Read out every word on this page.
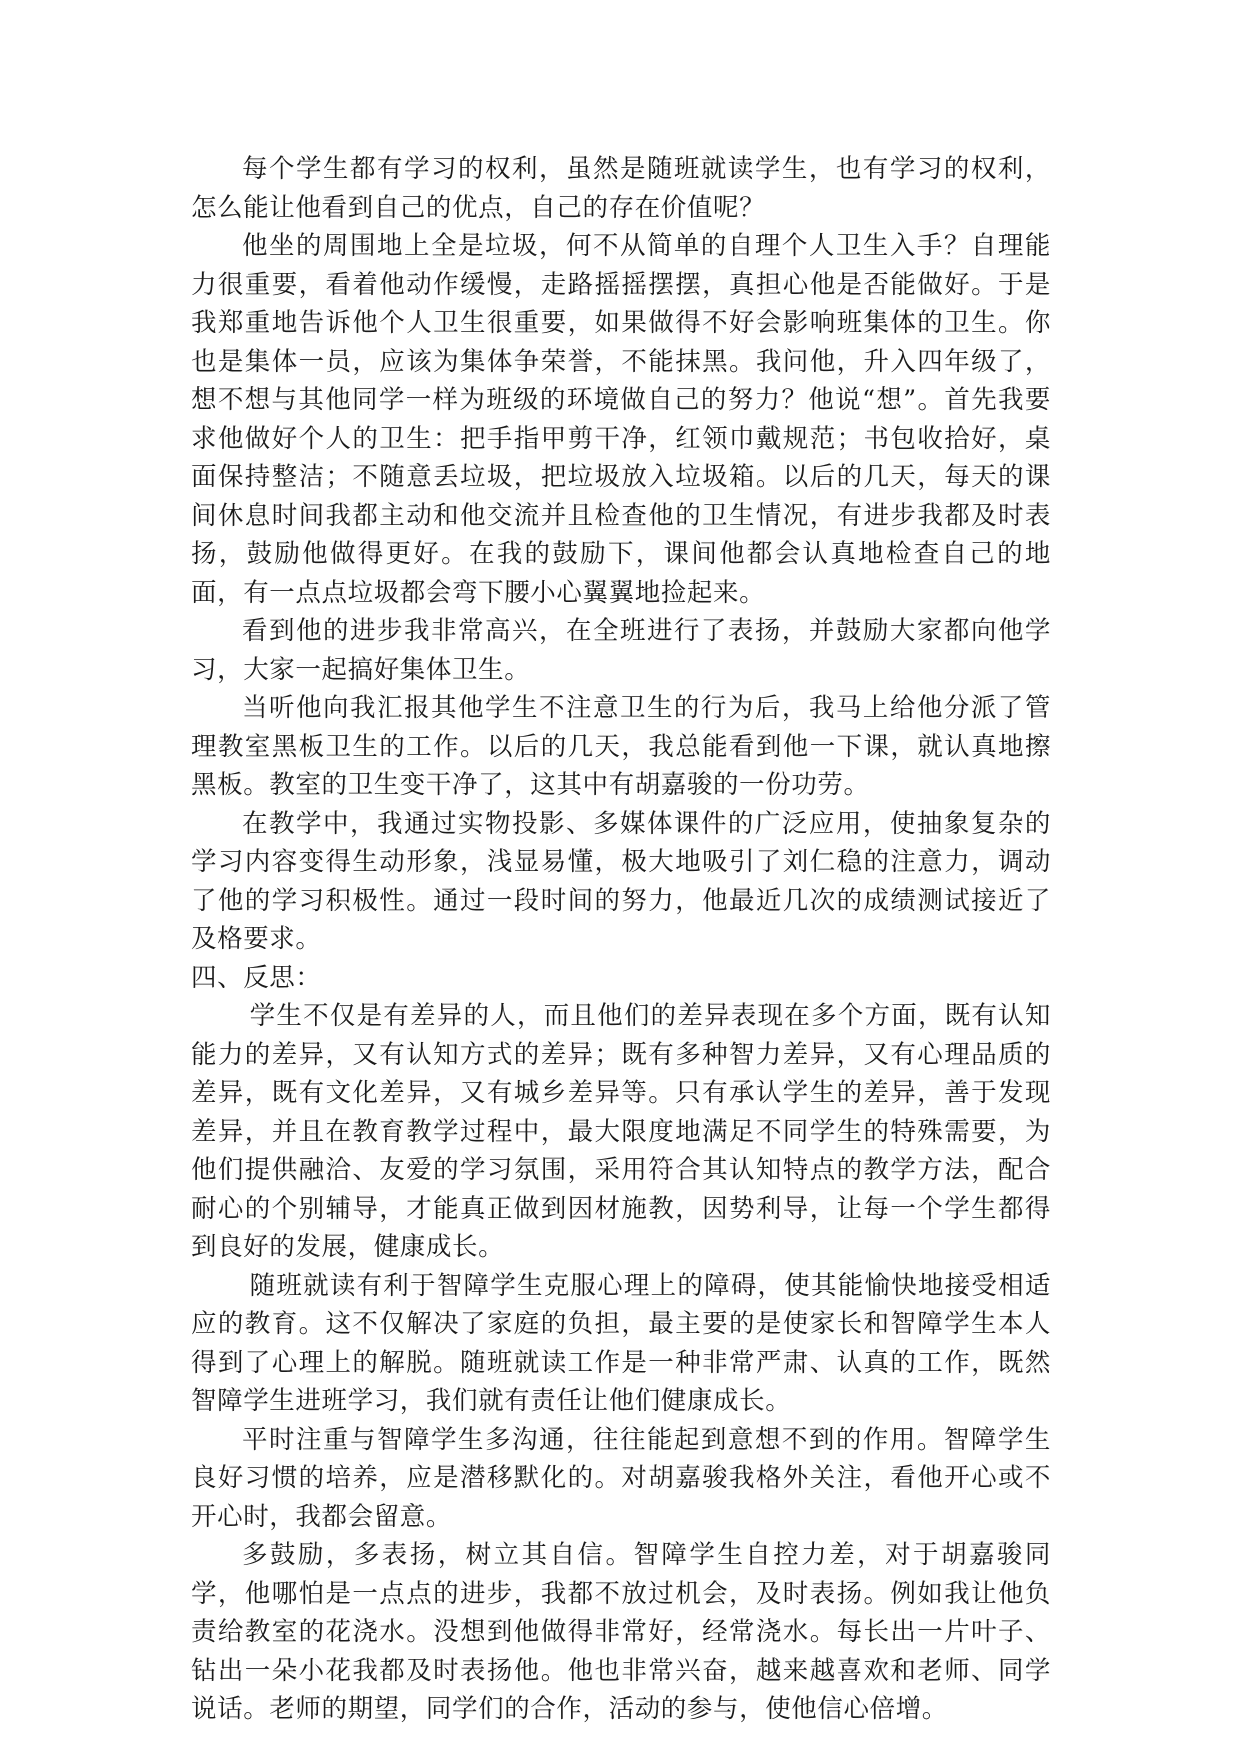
每个学生都有学习的权利，虽然是随班就读学生，也有学习的权利，怎么能让他看到自己的优点，自己的存在价值呢？

他坐的周围地上全是垃圾，何不从简单的自理个人卫生入手？自理能力很重要，看着他动作缓慢，走路摇摇摆摆，真担心他是否能做好。于是我郑重地告诉他个人卫生很重要，如果做得不好会影响班集体的卫生。你也是集体一员，应该为集体争荣誉，不能抹黑。我问他，升入四年级了，想不想与其他同学一样为班级的环境做自己的努力？他说“想”。首先我要求他做好个人的卫生：把手指甲剪干净，红领巾戴规范；书包收拾好，桌面保持整洁；不随意丢垃圾，把垃圾放入垃圾箱。以后的几天，每天的课间休息时间我都主动和他交流并且检查他的卫生情况，有进步我都及时表扬，鼓励他做得更好。在我的鼓励下，课间他都会认真地检查自己的地面，有一点点垃圾都会弯下腰小心翼翼地捡起来。

看到他的进步我非常高兴，在全班进行了表扬，并鼓励大家都向他学习，大家一起搞好集体卫生。

当听他向我汇报其他学生不注意卫生的行为后，我马上给他分派了管理教室黑板卫生的工作。以后的几天，我总能看到他一下课，就认真地擦黑板。教室的卫生变干净了，这其中有胡嘉骏的一份功劳。

在教学中，我通过实物投影、多媒体课件的广泛应用，使抽象复杂的学习内容变得生动形象，浅显易懂，极大地吸引了刘仁稳的注意力，调动了他的学习积极性。通过一段时间的努力，他最近几次的成绩测试接近了及格要求。

四、反思：

学生不仅是有差异的人，而且他们的差异表现在多个方面，既有认知能力的差异，又有认知方式的差异；既有多种智力差异，又有心理品质的差异，既有文化差异，又有城乡差异等。只有承认学生的差异，善于发现差异，并且在教育教学过程中，最大限度地满足不同学生的特殊需要，为他们提供融洽、友爱的学习氛围，采用符合其认知特点的教学方法，配合耐心的个别辅导，才能真正做到因材施教，因势利导，让每一个学生都得到良好的发展，健康成长。

随班就读有利于智障学生克服心理上的障碍，使其能愉快地接受相适应的教育。这不仅解决了家庭的负担，最主要的是使家长和智障学生本人得到了心理上的解脱。随班就读工作是一种非常严肃、认真的工作，既然智障学生进班学习，我们就有责任让他们健康成长。

平时注重与智障学生多沟通，往往能起到意想不到的作用。智障学生良好习惯的培养，应是潜移默化的。对胡嘉骏我格外关注，看他开心或不开心时，我都会留意。

多鼓励，多表扬，树立其自信。智障学生自控力差，对于胡嘉骏同学，他哪怕是一点点的进步，我都不放过机会，及时表扬。例如我让他负责给教室的花浇水。没想到他做得非常好，经常浇水。每长出一片叶子、钻出一朵小花我都及时表扬他。他也非常兴奋，越来越喜欢和老师、同学说话。老师的期望，同学们的合作，活动的参与，使他信心倍增。
